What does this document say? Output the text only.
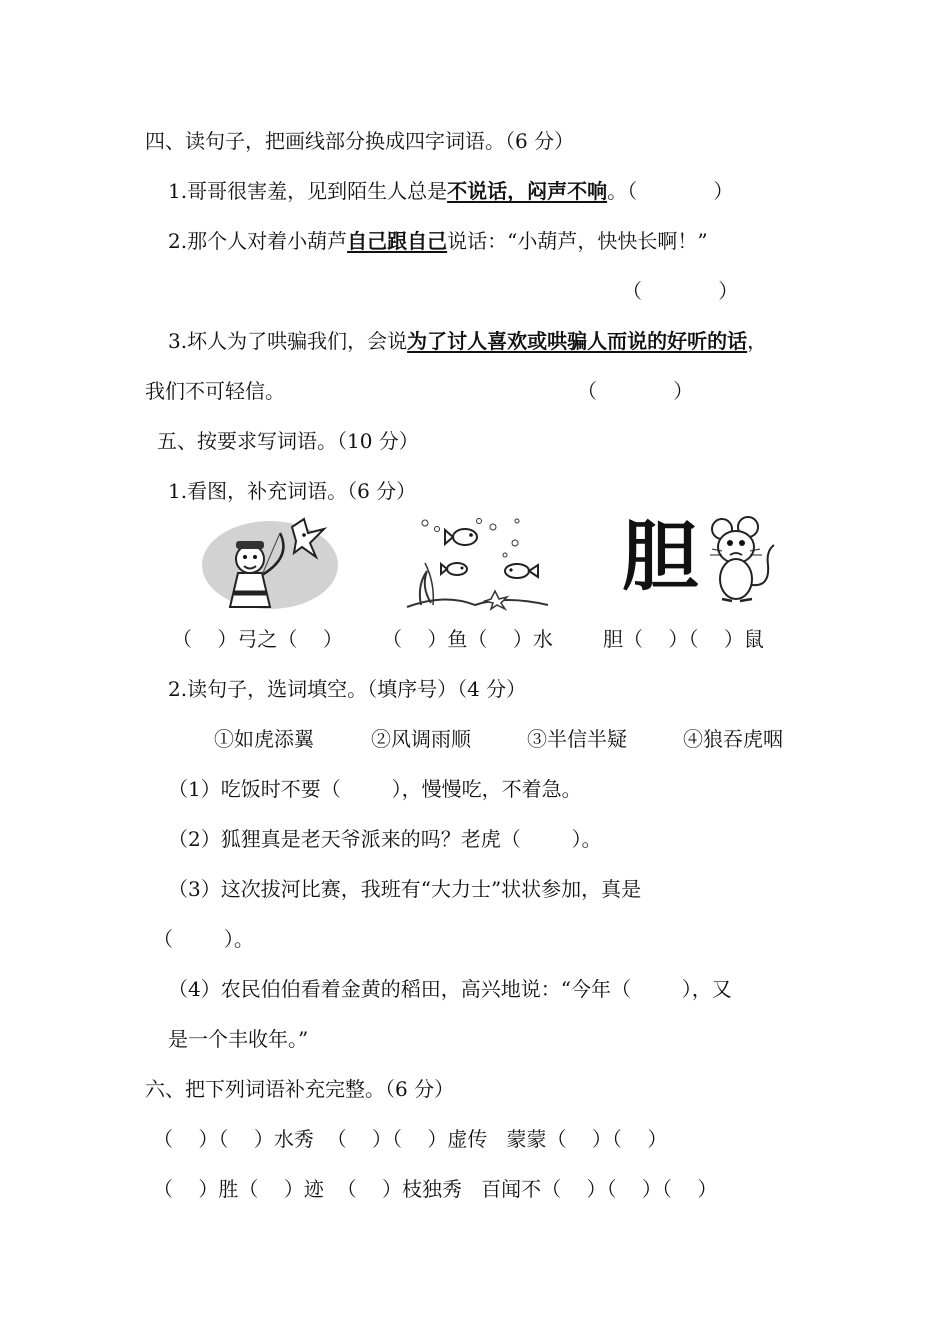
四、读句子，把画线部分换成四字词语。（6 分）
1.哥哥很害羞，见到陌生人总是不说话，闷声不响。（            ）
2.那个人对着小葫芦自己跟自己说话：“小葫芦，快快长啊！”
（            ）
3.坏人为了哄骗我们，会说为了讨人喜欢或哄骗人而说的好听的话，
我们不可轻信。	（            ）
五、按要求写词语。（10 分）
1.看图，补充词语。（6 分）
胆
（    ）弓之（    ） （    ）鱼（    ）水	胆（    ）（    ）鼠
2.读句子，选词填空。（填序号）（4 分）
①如虎添翼	②风调雨顺	③半信半疑	④狼吞虎咽
（1）吃饭时不要（        ），慢慢吃，不着急。
（2）狐狸真是老天爷派来的吗？老虎（        ）。
（3）这次拔河比赛，我班有“大力士”状状参加，真是
（        ）。
（4）农民伯伯看着金黄的稻田，高兴地说：“今年（        ），又
是一个丰收年。”
六、把下列词语补充完整。（6 分）
（    ）（    ）水秀  （    ）（    ）虚传   蒙蒙（    ）（    ）
（    ）胜（    ）迹  （    ）枝独秀   百闻不（    ）（    ）（    ）
